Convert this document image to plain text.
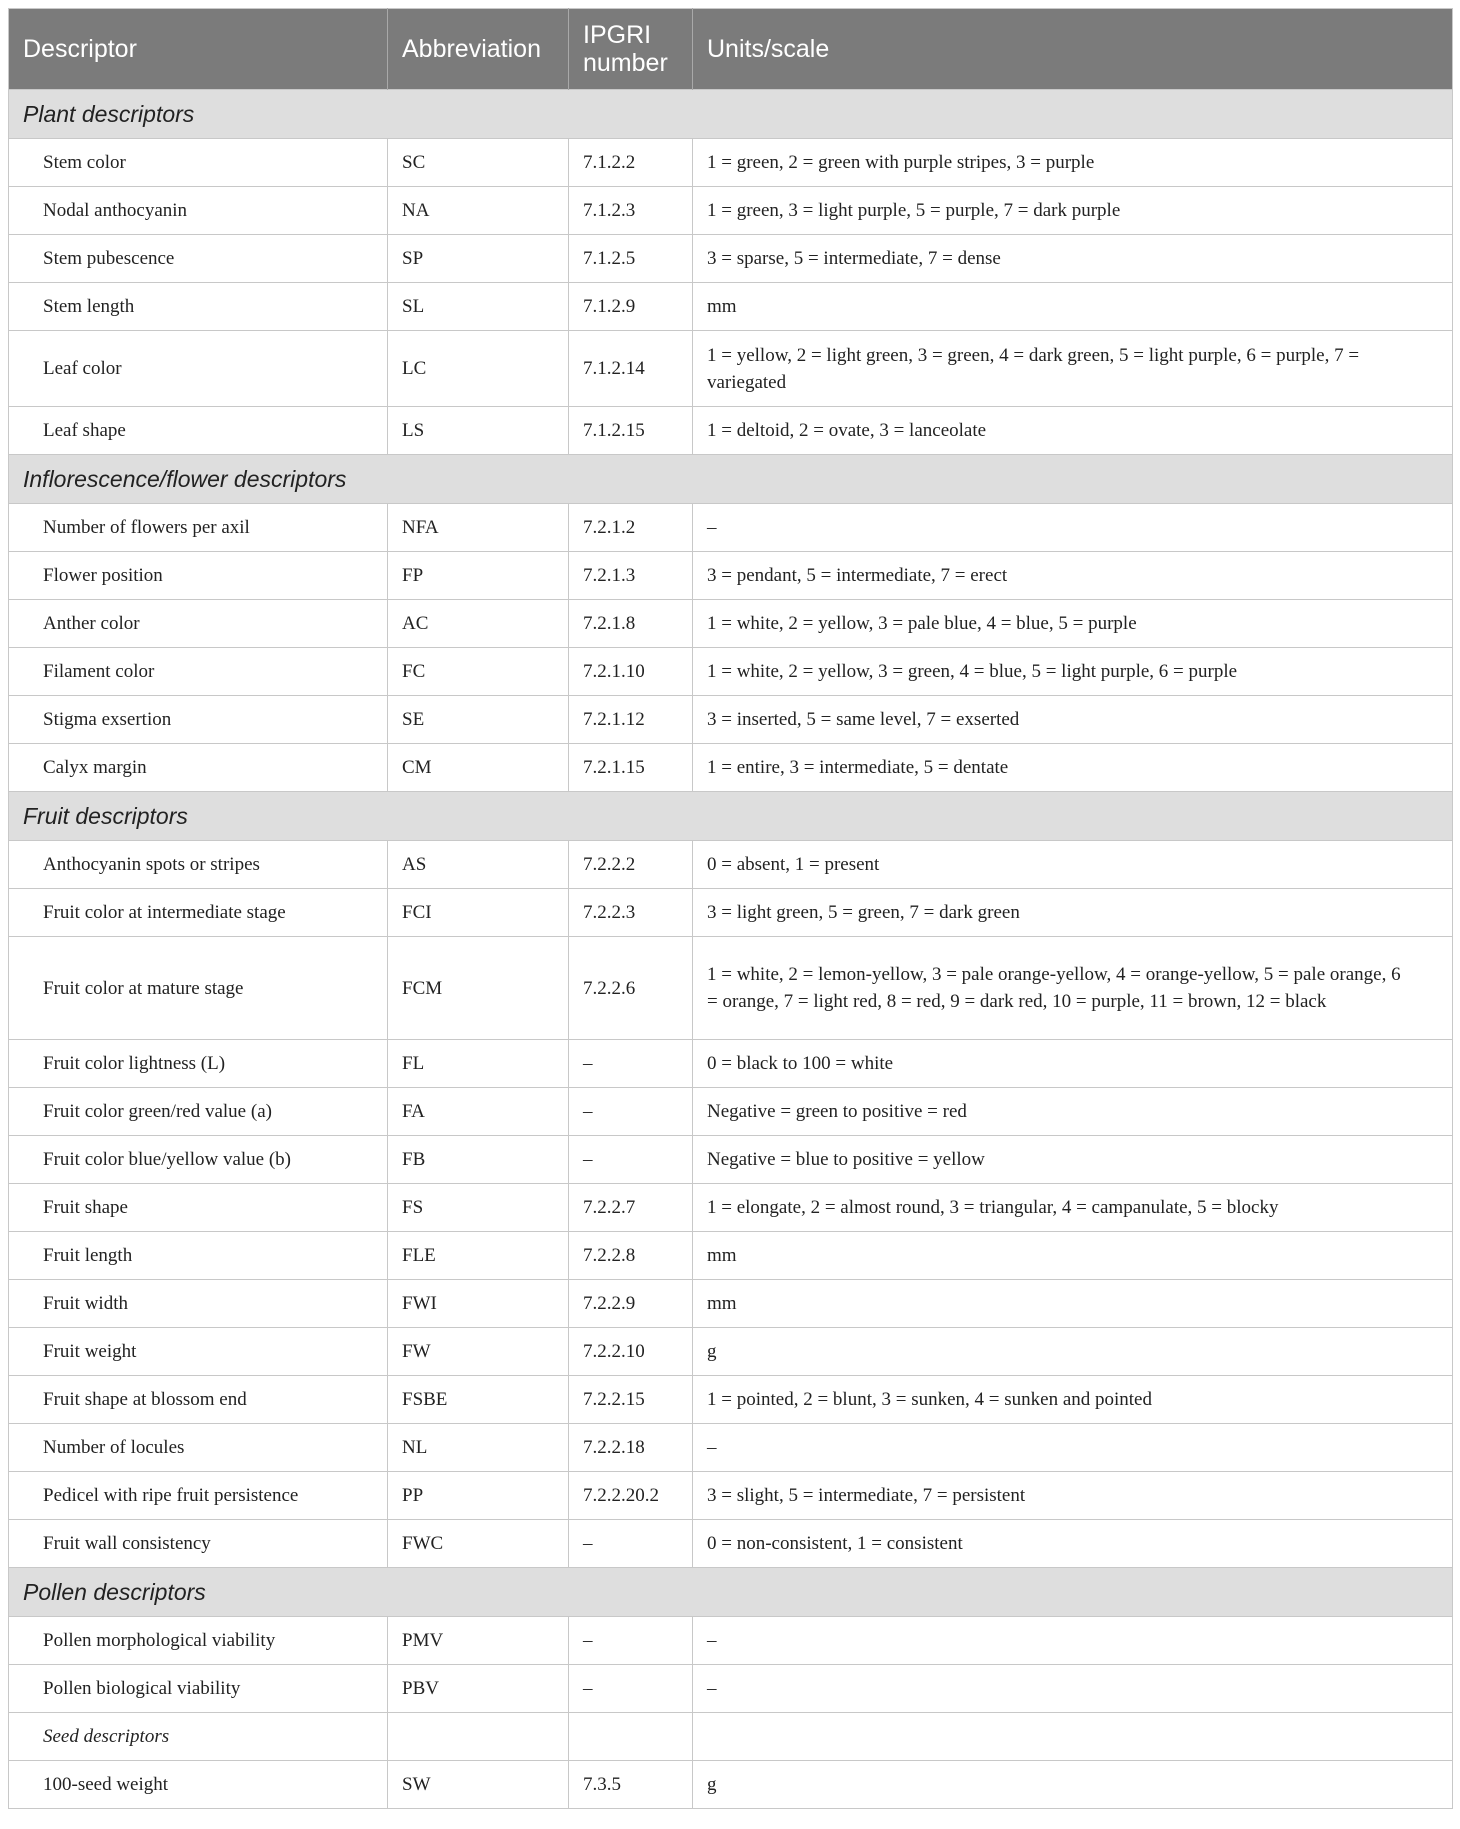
Descriptor	Abbreviation	IPGRI number	Units/scale
Plant descriptors			
Stem color	SC	7.1.2.2	1 = green, 2 = green with purple stripes, 3 = purple
Nodal anthocyanin	NA	7.1.2.3	1 = green, 3 = light purple, 5 = purple, 7 = dark purple
Stem pubescence	SP	7.1.2.5	3 = sparse, 5 = intermediate, 7 = dense
Stem length	SL	7.1.2.9	mm
Leaf color	LC	7.1.2.14	1 = yellow, 2 = light green, 3 = green, 4 = dark green, 5 = light purple, 6 = purple, 7 = variegated
Leaf shape	LS	7.1.2.15	1 = deltoid, 2 = ovate, 3 = lanceolate
Inflorescence/flower descriptors			
Number of flowers per axil	NFA	7.2.1.2	–
Flower position	FP	7.2.1.3	3 = pendant, 5 = intermediate, 7 = erect
Anther color	AC	7.2.1.8	1 = white, 2 = yellow, 3 = pale blue, 4 = blue, 5 = purple
Filament color	FC	7.2.1.10	1 = white, 2 = yellow, 3 = green, 4 = blue, 5 = light purple, 6 = purple
Stigma exsertion	SE	7.2.1.12	3 = inserted, 5 = same level, 7 = exserted
Calyx margin	CM	7.2.1.15	1 = entire, 3 = intermediate, 5 = dentate
Fruit descriptors			
Anthocyanin spots or stripes	AS	7.2.2.2	0 = absent, 1 = present
Fruit color at intermediate stage	FCI	7.2.2.3	3 = light green, 5 = green, 7 = dark green
Fruit color at mature stage	FCM	7.2.2.6	1 = white, 2 = lemon-yellow, 3 = pale orange-yellow, 4 = orange-yellow, 5 = pale orange, 6 = orange, 7 = light red, 8 = red, 9 = dark red, 10 = purple, 11 = brown, 12 = black
Fruit color lightness (L)	FL	–	0 = black to 100 = white
Fruit color green/red value (a)	FA	–	Negative = green to positive = red
Fruit color blue/yellow value (b)	FB	–	Negative = blue to positive = yellow
Fruit shape	FS	7.2.2.7	1 = elongate, 2 = almost round, 3 = triangular, 4 = campanulate, 5 = blocky
Fruit length	FLE	7.2.2.8	mm
Fruit width	FWI	7.2.2.9	mm
Fruit weight	FW	7.2.2.10	g
Fruit shape at blossom end	FSBE	7.2.2.15	1 = pointed, 2 = blunt, 3 = sunken, 4 = sunken and pointed
Number of locules	NL	7.2.2.18	–
Pedicel with ripe fruit persistence	PP	7.2.2.20.2	3 = slight, 5 = intermediate, 7 = persistent
Fruit wall consistency	FWC	–	0 = non-consistent, 1 = consistent
Pollen descriptors			
Pollen morphological viability	PMV	–	–
Pollen biological viability	PBV	–	–
Seed descriptors			
100-seed weight	SW	7.3.5	g
